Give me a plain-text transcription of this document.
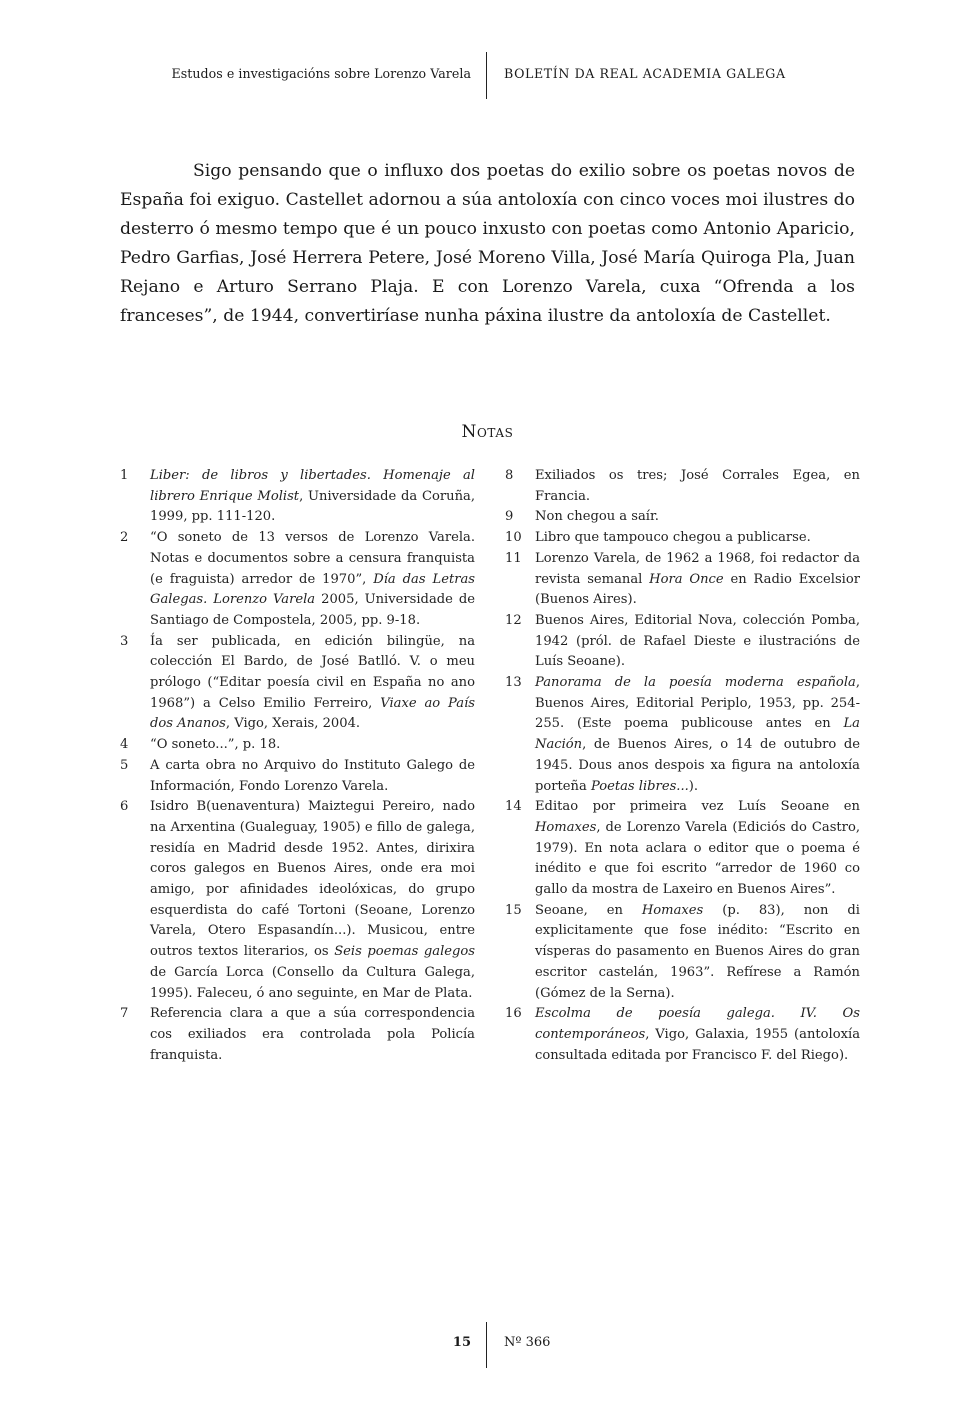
Estudos e investigacións sobre Lorenzo Varela	BOLETÍN DA REAL ACADEMIA GALEGA

Sigo pensando que o influxo dos poetas do exilio sobre os poetas novos de España foi exiguo. Castellet adornou a súa antoloxía con cinco voces moi ilustres do desterro ó mesmo tempo que é un pouco inxusto con poetas como Antonio Aparicio, Pedro Garfias, José Herrera Petere, José Moreno Villa, José María Quiroga Pla, Juan Rejano e Arturo Serrano Plaja. E con Lorenzo Varela, cuxa “Ofrenda a los franceses”, de 1944, convertiríase nunha páxina ilustre da antoloxía de Castellet.

Notas
1	Liber: de libros y libertades. Homenaje al librero Enrique Molist, Universidade da Coruña, 1999, pp. 111-120.
2	“O soneto de 13 versos de Lorenzo Varela. Notas e documentos sobre a censura franquista (e fraguista) arredor de 1970”, Día das Letras Galegas. Lorenzo Varela 2005, Universidade de Santiago de Compostela, 2005, pp. 9-18.
3	Ía ser publicada, en edición bilingüe, na colección El Bardo, de José Batlló. V. o meu prólogo (“Editar poesía civil en España no ano 1968”) a Celso Emilio Ferreiro, Viaxe ao País dos Ananos, Vigo, Xerais, 2004.
4	“O soneto...”, p. 18.
5	A carta obra no Arquivo do Instituto Galego de Información, Fondo Lorenzo Varela.
6	Isidro B(uenaventura) Maiztegui Pereiro, nado na Arxentina (Gualeguay, 1905) e fillo de galega, residía en Madrid desde 1952. Antes, dirixira coros galegos en Buenos Aires, onde era moi amigo, por afinidades ideolóxicas, do grupo esquerdista do café Tortoni (Seoane, Lorenzo Varela, Otero Espasandín...). Musicou, entre outros textos literarios, os Seis poemas galegos de García Lorca (Consello da Cultura Galega, 1995). Faleceu, ó ano seguinte, en Mar de Plata.
7	Referencia clara a que a súa correspondencia cos exiliados era controlada pola Policía franquista.
8	Exiliados os tres; José Corrales Egea, en Francia.
9	Non chegou a saír.
10	Libro que tampouco chegou a publicarse.
11	Lorenzo Varela, de 1962 a 1968, foi redactor da revista semanal Hora Once en Radio Excelsior (Buenos Aires).
12	Buenos Aires, Editorial Nova, colección Pomba, 1942 (pról. de Rafael Dieste e ilustracións de Luís Seoane).
13	Panorama de la poesía moderna española, Buenos Aires, Editorial Periplo, 1953, pp. 254-255. (Este poema publicouse antes en La Nación, de Buenos Aires, o 14 de outubro de 1945. Dous anos despois xa figura na antoloxía porteña Poetas libres...).
14	Editao por primeira vez Luís Seoane en Homaxes, de Lorenzo Varela (Ediciós do Castro, 1979). En nota aclara o editor que o poema é inédito e que foi escrito “arredor de 1960 co gallo da mostra de Laxeiro en Buenos Aires”.
15	Seoane, en Homaxes (p. 83), non di explicitamente que fose inédito: “Escrito en vísperas do pasamento en Buenos Aires do gran escritor castelán, 1963”. Refírese a Ramón (Gómez de la Serna).
16	Escolma de poesía galega. IV. Os contemporáneos, Vigo, Galaxia, 1955 (antoloxía consultada editada por Francisco F. del Riego).
15	Nº 366
